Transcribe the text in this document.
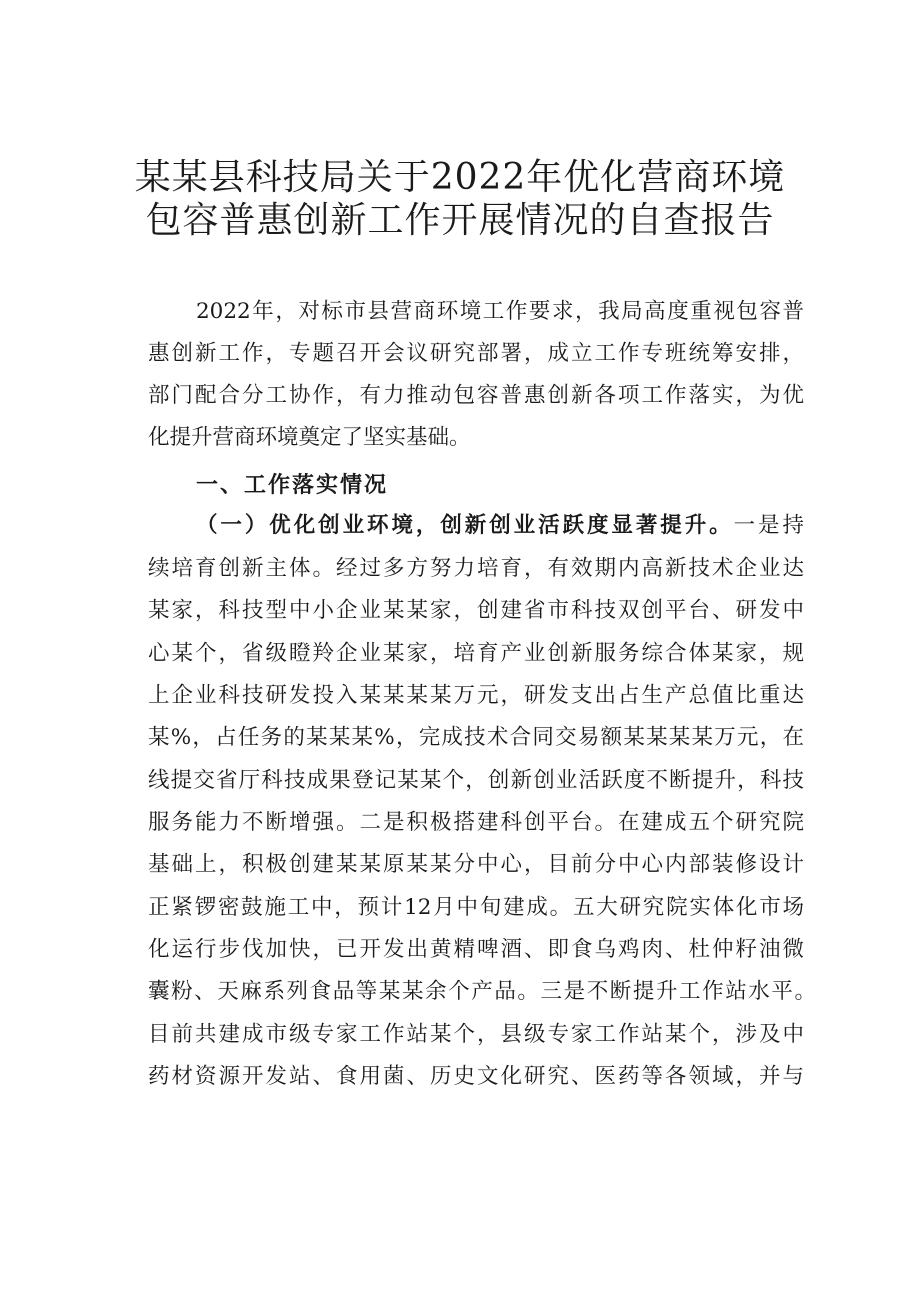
某某县科技局关于2022年优化营商环境
包容普惠创新工作开展情况的自查报告
2022年，对标市县营商环境工作要求，我局高度重视包容普
惠创新工作，专题召开会议研究部署，成立工作专班统筹安排，
部门配合分工协作，有力推动包容普惠创新各项工作落实，为优
化提升营商环境奠定了坚实基础。
一、工作落实情况
（一）优化创业环境，创新创业活跃度显著提升。一是持
续培育创新主体。经过多方努力培育，有效期内高新技术企业达
某家，科技型中小企业某某家，创建省市科技双创平台、研发中
心某个，省级瞪羚企业某家，培育产业创新服务综合体某家，规
上企业科技研发投入某某某某万元，研发支出占生产总值比重达
某%，占任务的某某某%，完成技术合同交易额某某某某万元，在
线提交省厅科技成果登记某某个，创新创业活跃度不断提升，科技
服务能力不断增强。二是积极搭建科创平台。在建成五个研究院
基础上，积极创建某某原某某分中心，目前分中心内部装修设计
正紧锣密鼓施工中，预计12月中旬建成。五大研究院实体化市场
化运行步伐加快，已开发出黄精啤酒、即食乌鸡肉、杜仲籽油微
囊粉、天麻系列食品等某某余个产品。三是不断提升工作站水平。
目前共建成市级专家工作站某个，县级专家工作站某个，涉及中
药材资源开发站、食用菌、历史文化研究、医药等各领域，并与
